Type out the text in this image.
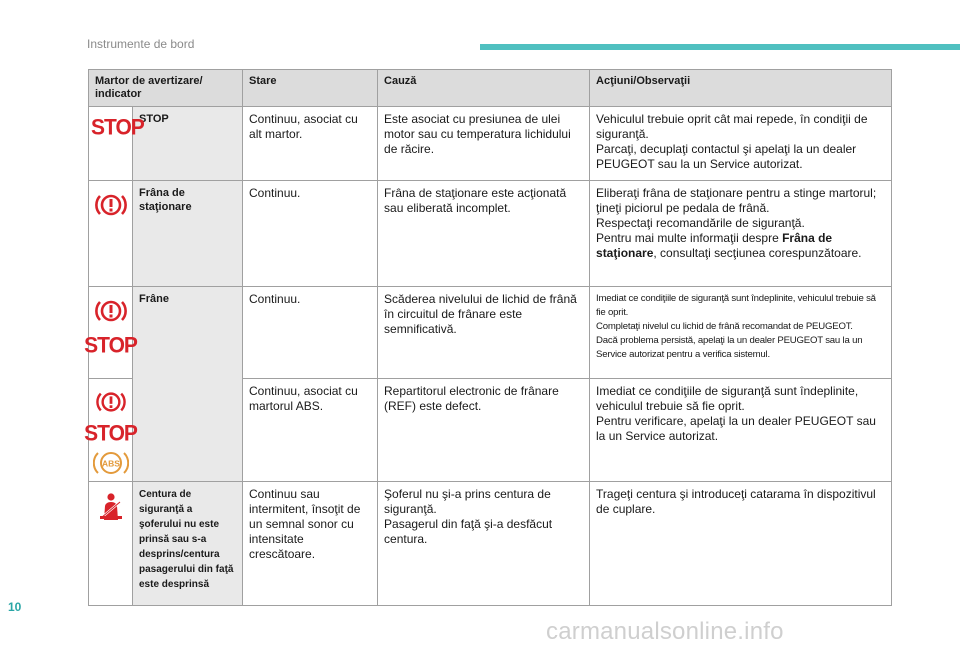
Instrumente de bord
Martor de avertizare/ indicator		Stare	Cauză	Acţiuni/Observaţii
STOP	STOP	Continuu, asociat cu alt martor.	Este asociat cu presiunea de ulei motor sau cu temperatura lichidului de răcire.	Vehiculul trebuie oprit cât mai repede, în condiţii de siguranţă.
Parcaţi, decuplaţi contactul şi apelaţi la un dealer PEUGEOT sau la un Service autorizat.
	Frâna de staţionare	Continuu.	Frâna de staţionare este acţionată sau eliberată incomplet.	Eliberaţi frâna de staţionare pentru a stinge martorul; ţineţi piciorul pe pedala de frână.
Respectaţi recomandările de siguranţă.
Pentru mai multe informaţii despre Frâna de staţionare, consultaţi secţiunea corespunzătoare.

STOP	Frâne	Continuu.	Scăderea nivelului de lichid de frână în circuitul de frânare este semnificativă.	Imediat ce condiţiile de siguranţă sunt îndeplinite, vehiculul trebuie să fie oprit.
Completaţi nivelul cu lichid de frână recomandat de PEUGEOT.
Dacă problema persistă, apelaţi la un dealer PEUGEOT sau la un Service autorizat pentru a verifica sistemul.

STOP
ABS		Continuu, asociat cu martorul ABS.	Repartitorul electronic de frânare (REF) este defect.	Imediat ce condiţiile de siguranţă sunt îndeplinite, vehiculul trebuie să fie oprit.
Pentru verificare, apelaţi la un dealer PEUGEOT sau la un Service autorizat.
	Centura de siguranţă a şoferului nu este prinsă sau s-a desprins/centura pasagerului din faţă este desprinsă	Continuu sau intermitent, însoţit de un semnal sonor cu intensitate crescătoare.	Şoferul nu şi-a prins centura de siguranţă.
Pasagerul din faţă şi-a desfăcut centura.	Trageţi centura şi introduceţi catarama în dispozitivul de cuplare.
10
carmanualsonline.info
